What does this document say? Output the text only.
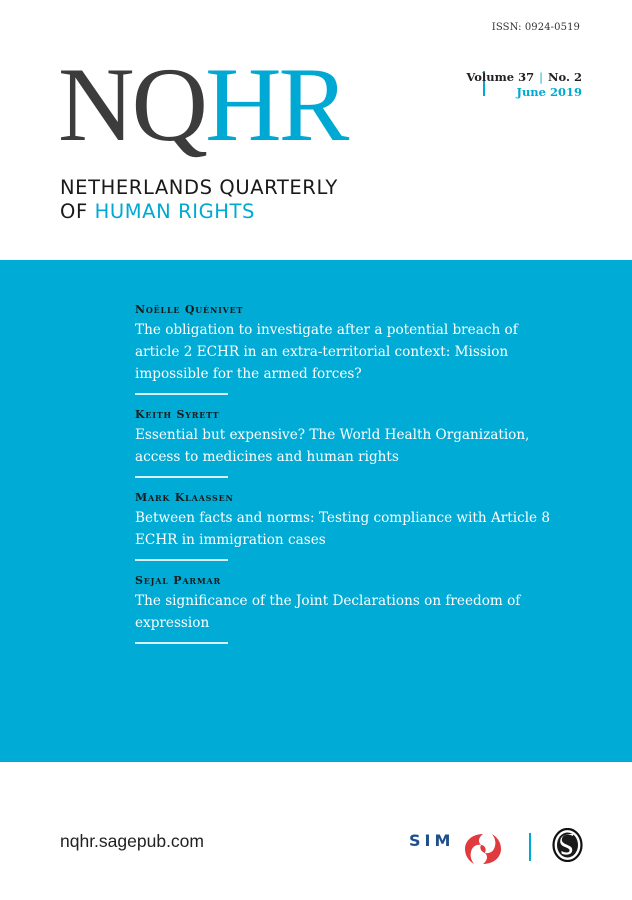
ISSN: 0924-0519
NQHR
NETHERLANDS QUARTERLY
OF HUMAN RIGHTS
Volume 37 | No. 2
June 2019
Noëlle Quénivet
The obligation to investigate after a potential breach of article 2 ECHR in an extra-territorial context: Mission impossible for the armed forces?
Keith Syrett
Essential but expensive? The World Health Organization, access to medicines and human rights
Mark Klaassen
Between facts and norms: Testing compliance with Article 8 ECHR in immigration cases
Sejal Parmar
The significance of the Joint Declarations on freedom of expression
nqhr.sagepub.com	SIM
